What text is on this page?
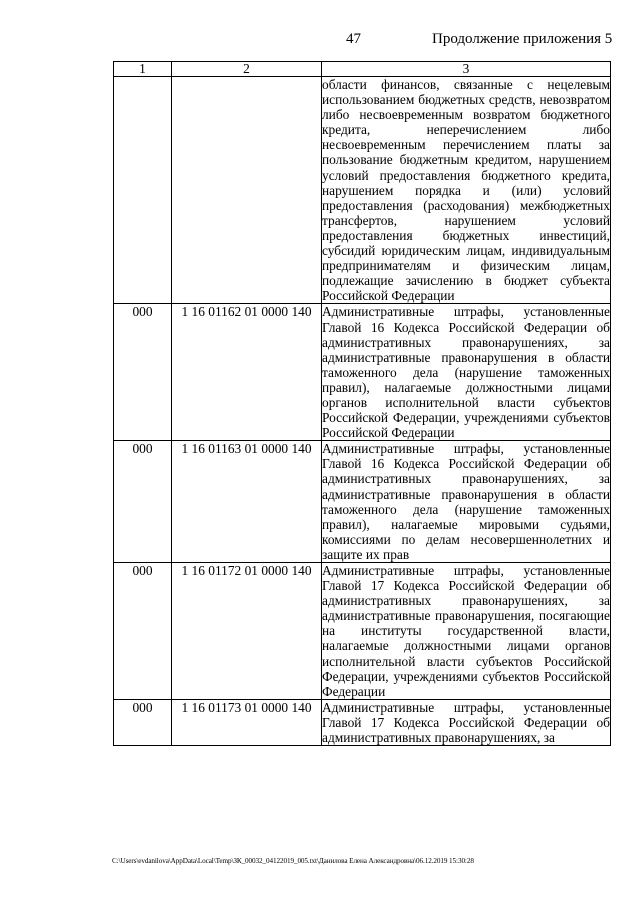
47	Продолжение приложения 5
1	2	3
		области финансов, связанные с нецелевым использованием бюджетных средств, невозвратом либо несвоевременным возвратом бюджетного кредита, неперечислением либо несвоевременным перечислением платы за пользование бюджетным кредитом, нарушением условий предоставления бюджетного кредита, нарушением порядка и (или) условий предоставления (расходования) межбюджетных трансфертов, нарушением условий предоставления бюджетных инвестиций, субсидий юридическим лицам, индивидуальным предпринимателям и физическим лицам, подлежащие зачислению в бюджет субъекта Российской Федерации
000	1 16 01162 01 0000 140	Административные штрафы, установленные Главой 16 Кодекса Российской Федерации об административных правонарушениях, за административные правонарушения в области таможенного дела (нарушение таможенных правил), налагаемые должностными лицами органов исполнительной власти субъектов Российской Федерации, учреждениями субъектов Российской Федерации
000	1 16 01163 01 0000 140	Административные штрафы, установленные Главой 16 Кодекса Российской Федерации об административных правонарушениях, за административные правонарушения в области таможенного дела (нарушение таможенных правил), налагаемые мировыми судьями, комиссиями по делам несовершеннолетних и защите их прав
000	1 16 01172 01 0000 140	Административные штрафы, установленные Главой 17 Кодекса Российской Федерации об административных правонарушениях, за административные правонарушения, посягающие на институты государственной власти, налагаемые должностными лицами органов исполнительной власти субъектов Российской Федерации, учреждениями субъектов Российской Федерации
000	1 16 01173 01 0000 140	Административные штрафы, установленные Главой 17 Кодекса Российской Федерации об административных правонарушениях, за
C:\Users\evdanilova\AppData\Local\Temp\ЗК_00032_04122019_005.txt\Данилова Елена Александровна\06.12.2019 15:30:28
